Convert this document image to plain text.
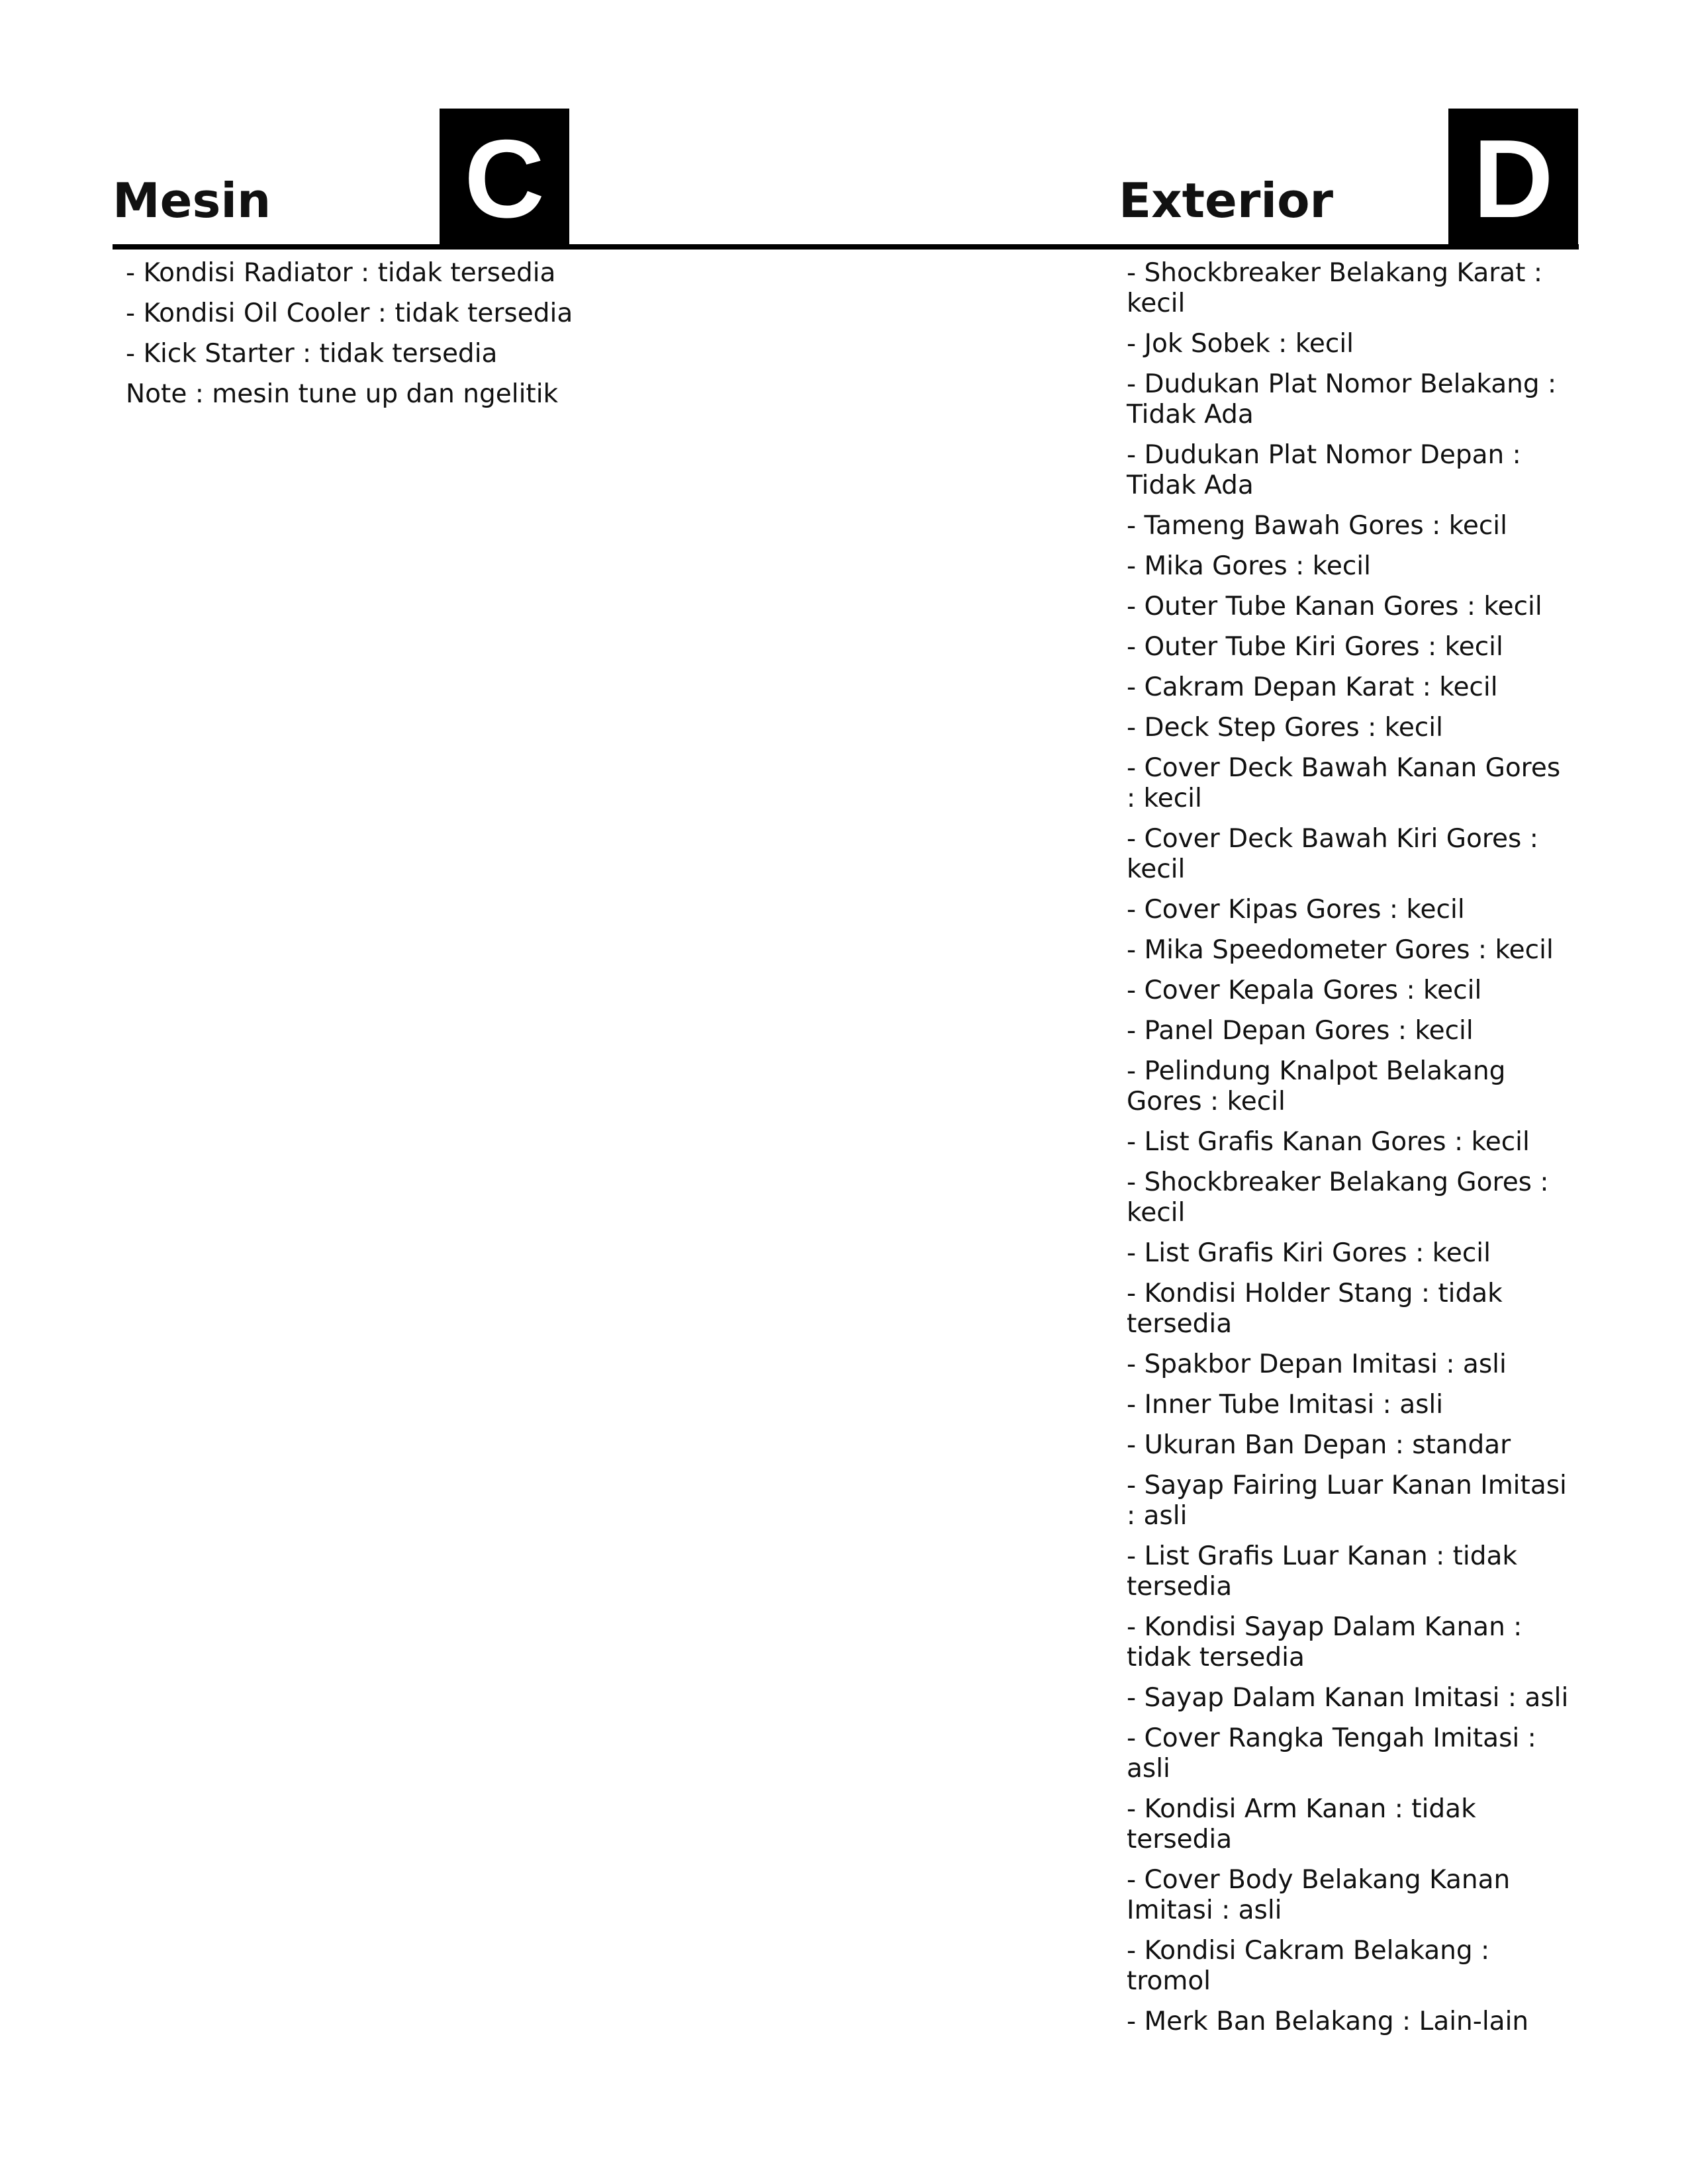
Mesin C	Exterior D
- Kondisi Radiator : tidak tersedia
- Kondisi Oil Cooler : tidak tersedia
- Kick Starter : tidak tersedia
Note : mesin tune up dan ngelitik
- Shockbreaker Belakang Karat : kecil
- Jok Sobek : kecil
- Dudukan Plat Nomor Belakang : Tidak Ada
- Dudukan Plat Nomor Depan : Tidak Ada
- Tameng Bawah Gores : kecil
- Mika Gores : kecil
- Outer Tube Kanan Gores : kecil
- Outer Tube Kiri Gores : kecil
- Cakram Depan Karat : kecil
- Deck Step Gores : kecil
- Cover Deck Bawah Kanan Gores : kecil
- Cover Deck Bawah Kiri Gores : kecil
- Cover Kipas Gores : kecil
- Mika Speedometer Gores : kecil
- Cover Kepala Gores : kecil
- Panel Depan Gores : kecil
- Pelindung Knalpot Belakang Gores : kecil
- List Grafis Kanan Gores : kecil
- Shockbreaker Belakang Gores : kecil
- List Grafis Kiri Gores : kecil
- Kondisi Holder Stang : tidak tersedia
- Spakbor Depan Imitasi : asli
- Inner Tube Imitasi : asli
- Ukuran Ban Depan : standar
- Sayap Fairing Luar Kanan Imitasi : asli
- List Grafis Luar Kanan : tidak tersedia
- Kondisi Sayap Dalam Kanan : tidak tersedia
- Sayap Dalam Kanan Imitasi : asli
- Cover Rangka Tengah Imitasi : asli
- Kondisi Arm Kanan : tidak tersedia
- Cover Body Belakang Kanan Imitasi : asli
- Kondisi Cakram Belakang : tromol
- Merk Ban Belakang : Lain-lain
